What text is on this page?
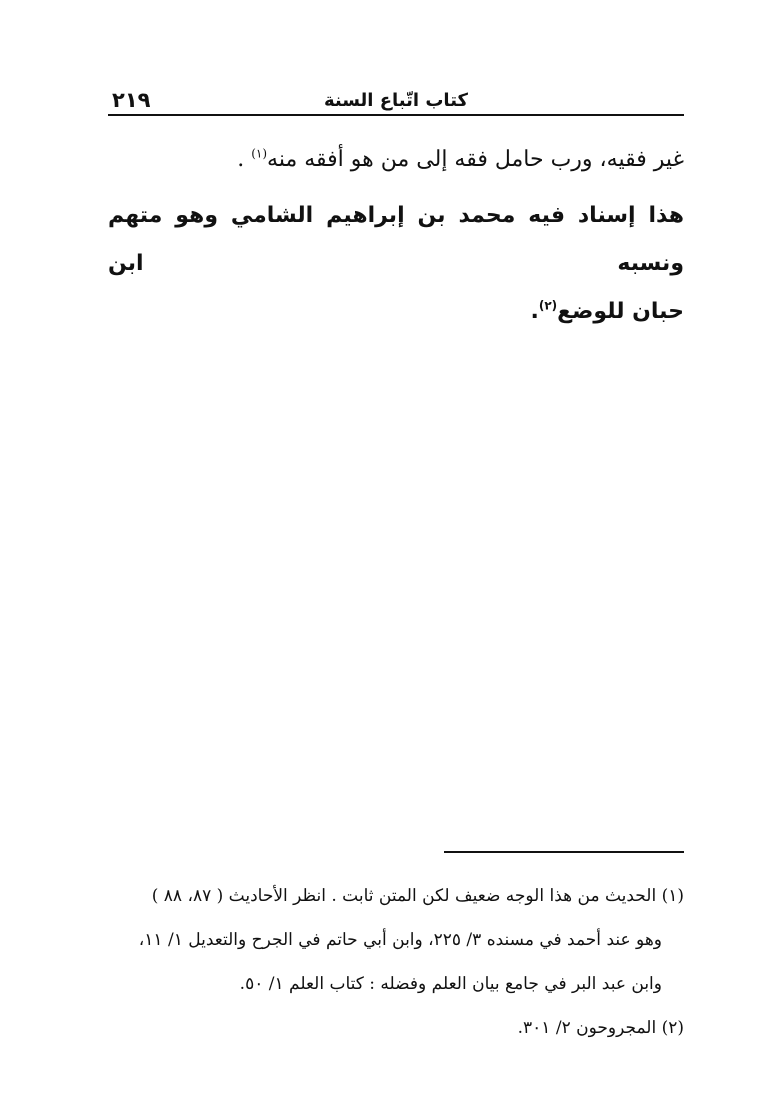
٢١٩	كتاب اتّباع السنة
غير فقيه، ورب حامل فقه إلى من هو أفقه منه$^{(١)}$ .
هذا إسناد فيه محمد بن إبراهيم الشامي وهو متهم ونسبه ابن
حبان للوضع$^{(٢)}$.
(١) الحديث من هذا الوجه ضعيف لكن المتن ثابت . انظر الأحاديث ( ٨٧، ٨٨ )
وهو عند أحمد في مسنده ٣/ ٢٢٥، وابن أبي حاتم في الجرح والتعديل ١/ ١١،
وابن عبد البر في جامع بيان العلم وفضله : كتاب العلم ١/ ٥٠.
(٢) المجروحون ٢/ ٣٠١.
